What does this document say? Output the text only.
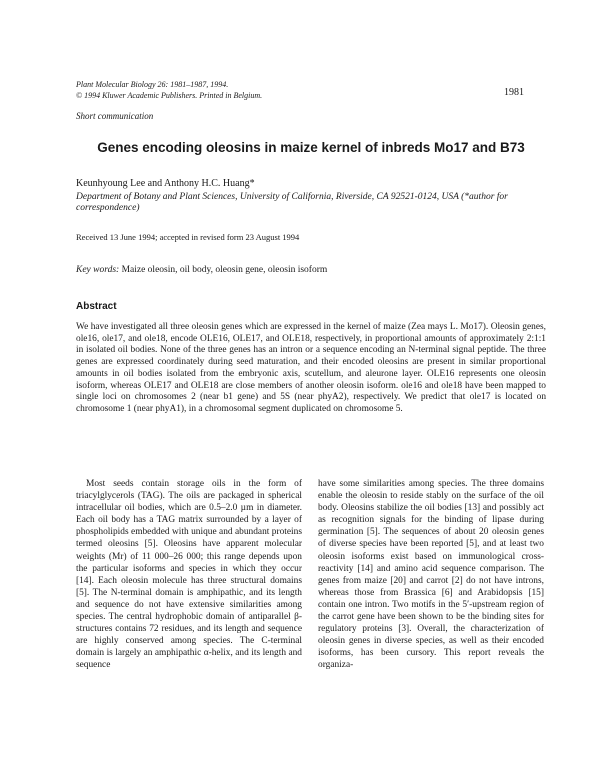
Plant Molecular Biology 26: 1981–1987, 1994.
© 1994 Kluwer Academic Publishers. Printed in Belgium.	1981
Short communication
Genes encoding oleosins in maize kernel of inbreds Mo17 and B73
Keunhyoung Lee and Anthony H.C. Huang*
Department of Botany and Plant Sciences, University of California, Riverside, CA 92521-0124, USA (*author for correspondence)
Received 13 June 1994; accepted in revised form 23 August 1994
Key words: Maize oleosin, oil body, oleosin gene, oleosin isoform
Abstract
We have investigated all three oleosin genes which are expressed in the kernel of maize (Zea mays L. Mo17). Oleosin genes, ole16, ole17, and ole18, encode OLE16, OLE17, and OLE18, respectively, in proportional amounts of approximately 2:1:1 in isolated oil bodies. None of the three genes has an intron or a sequence encoding an N-terminal signal peptide. The three genes are expressed coordinately during seed maturation, and their encoded oleosins are present in similar proportional amounts in oil bodies isolated from the embryonic axis, scutellum, and aleurone layer. OLE16 represents one oleosin isoform, whereas OLE17 and OLE18 are close members of another oleosin isoform. ole16 and ole18 have been mapped to single loci on chromosomes 2 (near b1 gene) and 5S (near phyA2), respectively. We predict that ole17 is located on chromosome 1 (near phyA1), in a chromosomal segment duplicated on chromosome 5.

Most seeds contain storage oils in the form of triacylglycerols (TAG). The oils are packaged in spherical intracellular oil bodies, which are 0.5–2.0 µm in diameter. Each oil body has a TAG matrix surrounded by a layer of phospholipids embedded with unique and abundant proteins termed oleosins [5]. Oleosins have apparent molecular weights (Mr) of 11 000–26 000; this range depends upon the particular isoforms and species in which they occur [14]. Each oleosin molecule has three structural domains [5]. The N-terminal domain is amphipathic, and its length and sequence do not have extensive similarities among species. The central hydrophobic domain of antiparallel β-structures contains 72 residues, and its length and sequence are highly conserved among species. The C-terminal domain is largely an amphipathic α-helix, and its length and sequence

have some similarities among species. The three domains enable the oleosin to reside stably on the surface of the oil body. Oleosins stabilize the oil bodies [13] and possibly act as recognition signals for the binding of lipase during germination [5]. The sequences of about 20 oleosin genes of diverse species have been reported [5], and at least two oleosin isoforms exist based on immunological cross-reactivity [14] and amino acid sequence comparison. The genes from maize [20] and carrot [2] do not have introns, whereas those from Brassica [6] and Arabidopsis [15] contain one intron. Two motifs in the 5′-upstream region of the carrot gene have been shown to be the binding sites for regulatory proteins [3]. Overall, the characterization of oleosin genes in diverse species, as well as their encoded isoforms, has been cursory. This report reveals the organiza-
